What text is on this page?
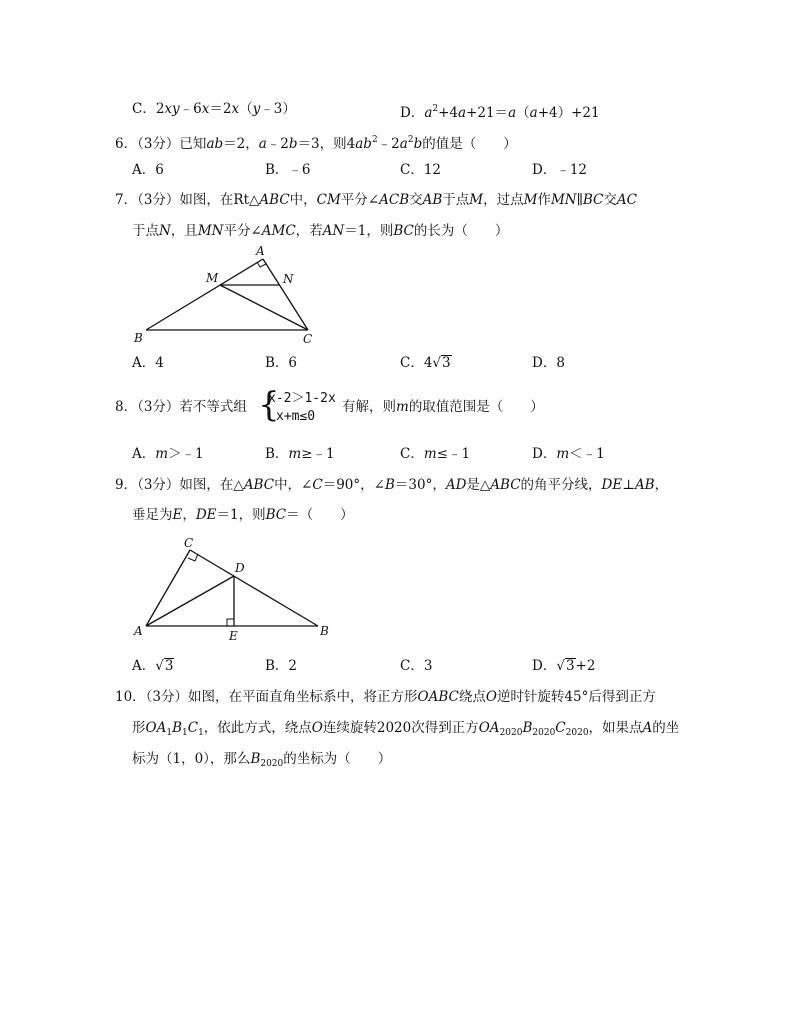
C．2xy﹣6x＝2x（y﹣3）	D．$a^2+4a+21=a(a+4)+21$
6．（3分）已知ab＝2，a﹣2b＝3，则$4ab^2﹣2a^2b$的值是（　　）
A．6	B．﹣6	C．12	D．﹣12
7．（3分）如图，在Rt△ABC中，CM平分∠ACB交AB于点M，过点M作MN∥BC交AC
于点N，且MN平分∠AMC，若AN＝1，则BC的长为（　　）
A
M	N
B	C
A．4	B．6	C．4√3	D．8
8．（3分）若不等式组 {
x-2＞1-2x
x+m≤0
有解，则m的取值范围是（　　）
A．m＞﹣1	B．m≥﹣1	C．m≤﹣1	D．m＜﹣1
9．（3分）如图，在△ABC中，∠C＝90°，∠B＝30°，AD是△ABC的角平分线，DE⊥AB，
垂足为E，DE＝1，则BC＝（　　）
C
D
A	E	B
A．√3	B．2	C．3	D．√3+2
10．（3分）如图，在平面直角坐标系中，将正方形OABC绕点O逆时针旋转45°后得到正方
形$OA_1B_1C_1$，依此方式，绕点O连续旋转2020次得到正方$OA_{2020}B_{2020}C_{2020}$，如果点A的坐
标为（1，0），那么$B_{2020}$的坐标为（　　）
